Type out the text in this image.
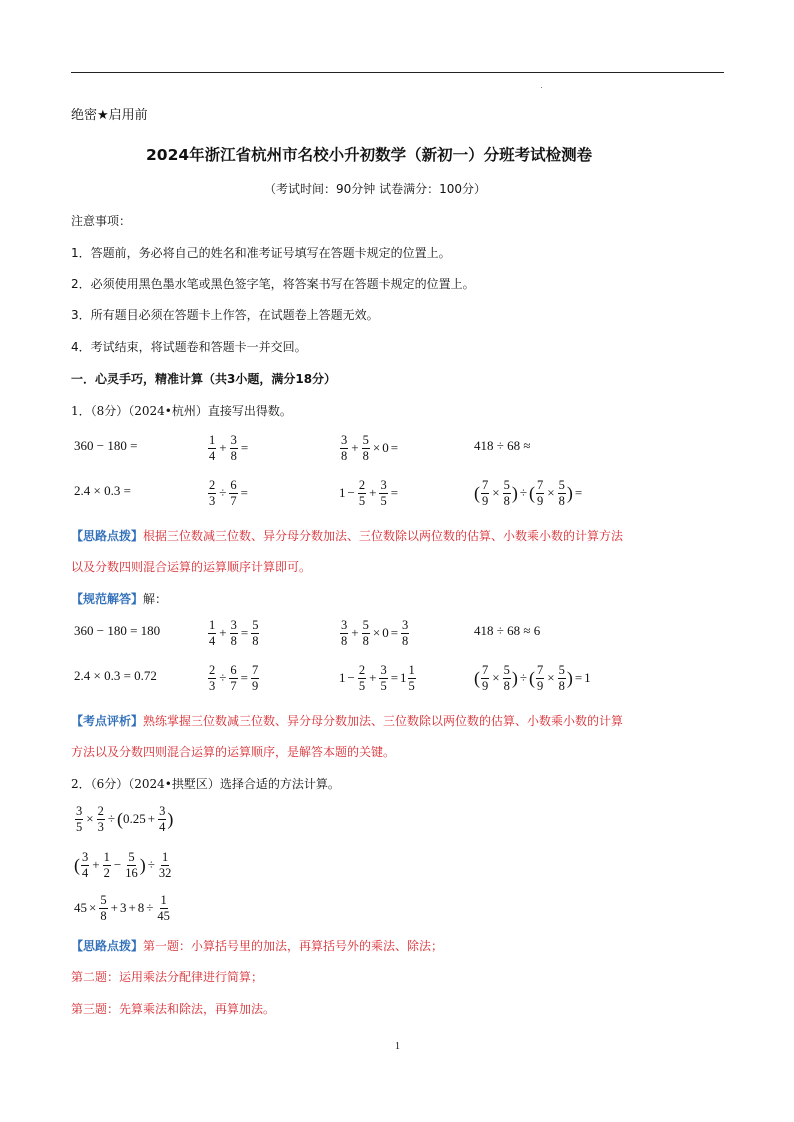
绝密★启用前
2024年浙江省杭州市名校小升初数学（新初一）分班考试检测卷
（考试时间：90分钟 试卷满分：100分）
注意事项：
1．答题前，务必将自己的姓名和准考证号填写在答题卡规定的位置上。
2．必须使用黑色墨水笔或黑色签字笔，将答案书写在答题卡规定的位置上。
3．所有题目必须在答题卡上作答，在试题卷上答题无效。
4．考试结束，将试题卷和答题卡一并交回。
一．心灵手巧，精准计算（共3小题，满分18分）
1．（8分）（2024•杭州）直接写出得数。
360 − 180 =	$\frac{1}{4} + \frac{3}{8}$ =	$\frac{3}{8} + \frac{5}{8} \times 0$ =	418 ÷ 68 ≈
2.4 × 0.3 =	$\frac{2}{3} \div \frac{6}{7}$ =	$1 - \frac{2}{5} + \frac{3}{5}$ =	( $\frac{7}{9} \times \frac{5}{8}$ ) ÷ ( $\frac{7}{9} \times \frac{5}{8}$ ) =
【思路点拨】根据三位数减三位数、异分母分数加法、三位数除以两位数的估算、小数乘小数的计算方法
以及分数四则混合运算的运算顺序计算即可。
【规范解答】解：
360 − 180 = 180	$\frac{1}{4} + \frac{3}{8} = \frac{5}{8}$	$\frac{3}{8} + \frac{5}{8} \times 0 = \frac{3}{8}$	418 ÷ 68 ≈ 6
2.4 × 0.3 = 0.72	$\frac{2}{3} \div \frac{6}{7} = \frac{7}{9}$	$1 - \frac{2}{5} + \frac{3}{5} = 1 \frac{1}{5}$	( $\frac{7}{9} \times \frac{5}{8}$ ) ÷ ( $\frac{7}{9} \times \frac{5}{8}$ ) = 1
【考点评析】熟练掌握三位数减三位数、异分母分数加法、三位数除以两位数的估算、小数乘小数的计算
方法以及分数四则混合运算的运算顺序，是解答本题的关键。
2．（6分）（2024•拱墅区）选择合适的方法计算。
$\frac{3}{5} \times \frac{2}{3}$ ÷ ( $0.25 + \frac{3}{4}$ )
( $\frac{3}{4} + \frac{1}{2} - \frac{5}{16}$ ) ÷ $\frac{1}{32}$
$45 \times \frac{5}{8} + 3 + 8 \div \frac{1}{45}$
【思路点拨】第一题：小算括号里的加法，再算括号外的乘法、除法；
第二题：运用乘法分配律进行简算；
第三题：先算乘法和除法，再算加法。
1
